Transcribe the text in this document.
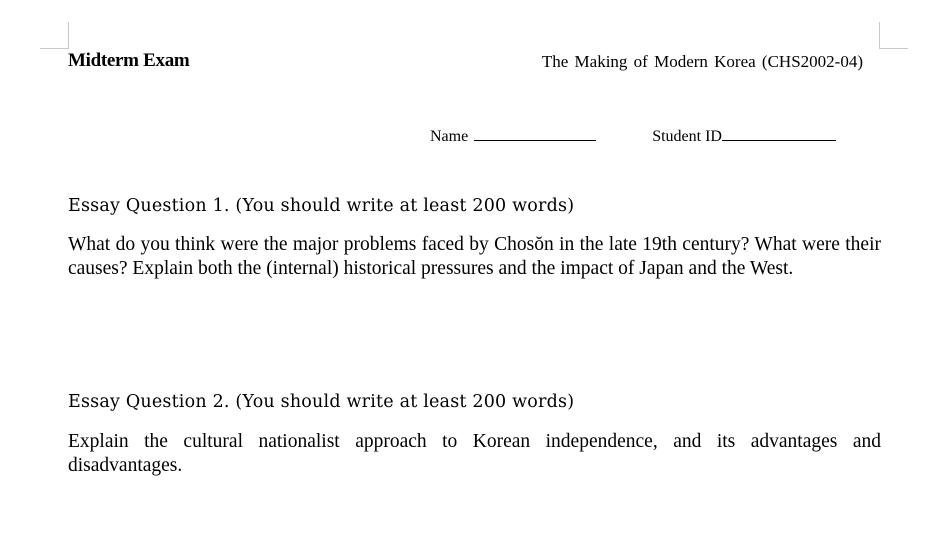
Midterm Exam	The Making of Modern Korea (CHS2002-04)
Name	Student ID
Essay Question 1. (You should write at least 200 words)
What do you think were the major problems faced by Chosŏn in the late 19th century? What were their causes? Explain both the (internal) historical pressures and the impact of Japan and the West.
Essay Question 2. (You should write at least 200 words)
Explain the cultural nationalist approach to Korean independence, and its advantages and disadvantages.
